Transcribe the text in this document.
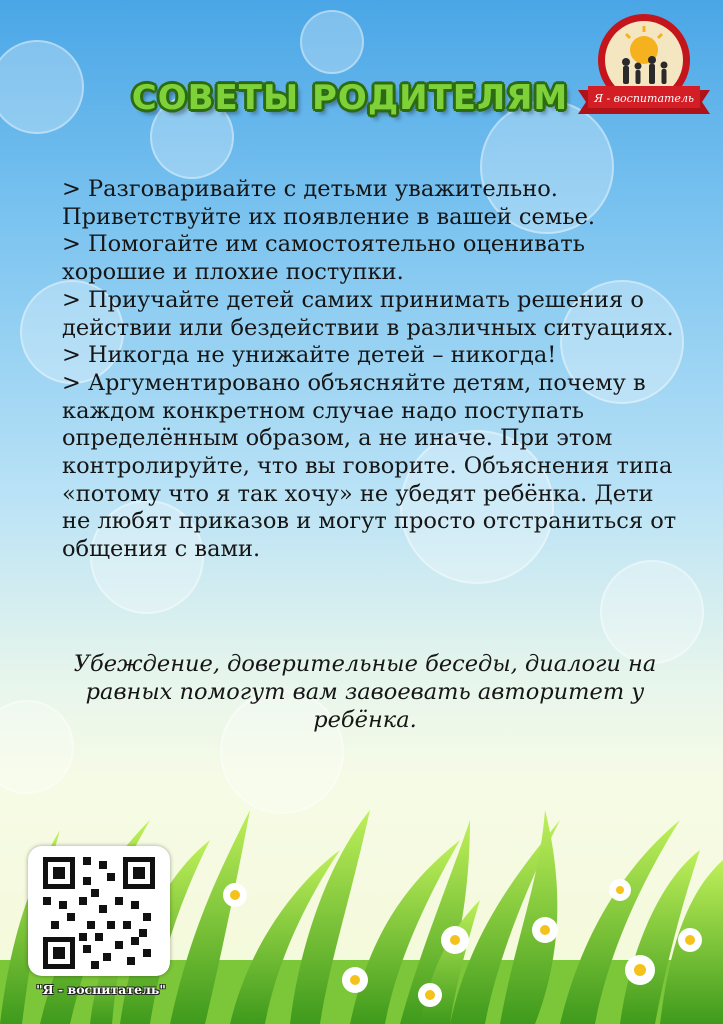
Я - воспитатель
СОВЕТЫ РОДИТЕЛЯМ

> Разговаривайте с детьми уважительно. Приветствуйте их появление в вашей семье.

> Помогайте им самостоятельно оценивать хорошие и плохие поступки.

> Приучайте детей самих принимать решения о действии или бездействии в различных ситуациях.

> Никогда не унижайте детей – никогда!

> Аргументировано объясняйте детям, почему в каждом конкретном случае надо поступать определённым образом, а не иначе. При этом контролируйте, что вы говорите. Объяснения типа «потому что я так хочу» не убедят ребёнка. Дети не любят приказов и могут просто отстраниться от общения с вами.

Убеждение, доверительные беседы, диалоги на равных помогут вам завоевать авторитет у ребёнка.
"Я - воспитатель"
